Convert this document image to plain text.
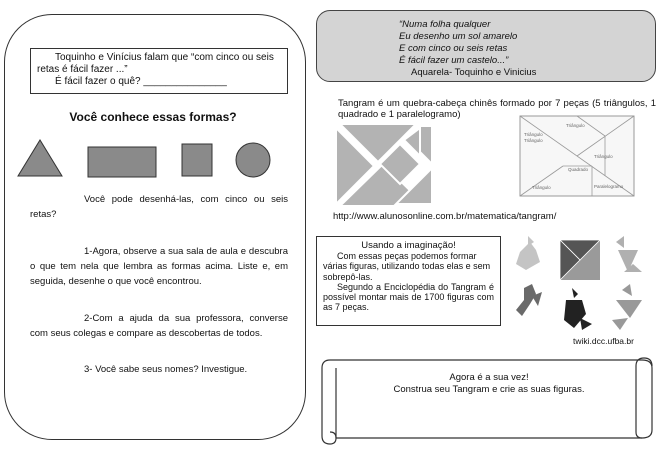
Toquinho e Vinícius falam que “com cinco ou seis
retas é fácil fazer ...”
É fácil fazer o quê? _______________
Você conhece essas formas?
Você pode desenhá-las, com cinco ou seis retas?
1-Agora, observe a sua sala de aula e descubra o que tem nela que lembra as formas acima. Liste e, em seguida, desenhe o que você encontrou.
2-Com a ajuda da sua professora, converse com seus colegas e compare as descobertas de todos.
3- Você sabe seus nomes? Investigue.
“Numa folha qualquer
Eu desenho um sol amarelo
E com cinco ou seis retas
É fácil fazer um castelo...”
Aquarela- Toquinho e Vinicius
Tangram é um quebra-cabeça chinês formado por 7 peças (5 triângulos, 1 quadrado e 1 paralelogramo)
Triângulo
Triângulo
Triângulo
Quadrado
Triângulo	Paralelogramo
Triângulo
http://www.alunosonline.com.br/matematica/tangram/
Usando a imaginação!
Com essas peças podemos formar várias figuras, utilizando todas elas e sem sobrepô-las.
Segundo a Enciclopédia do Tangram é possível montar mais de 1700 figuras com as 7 peças.
twiki.dcc.ufba.br
Agora é a sua vez!
Construa seu Tangram e crie as suas figuras.
